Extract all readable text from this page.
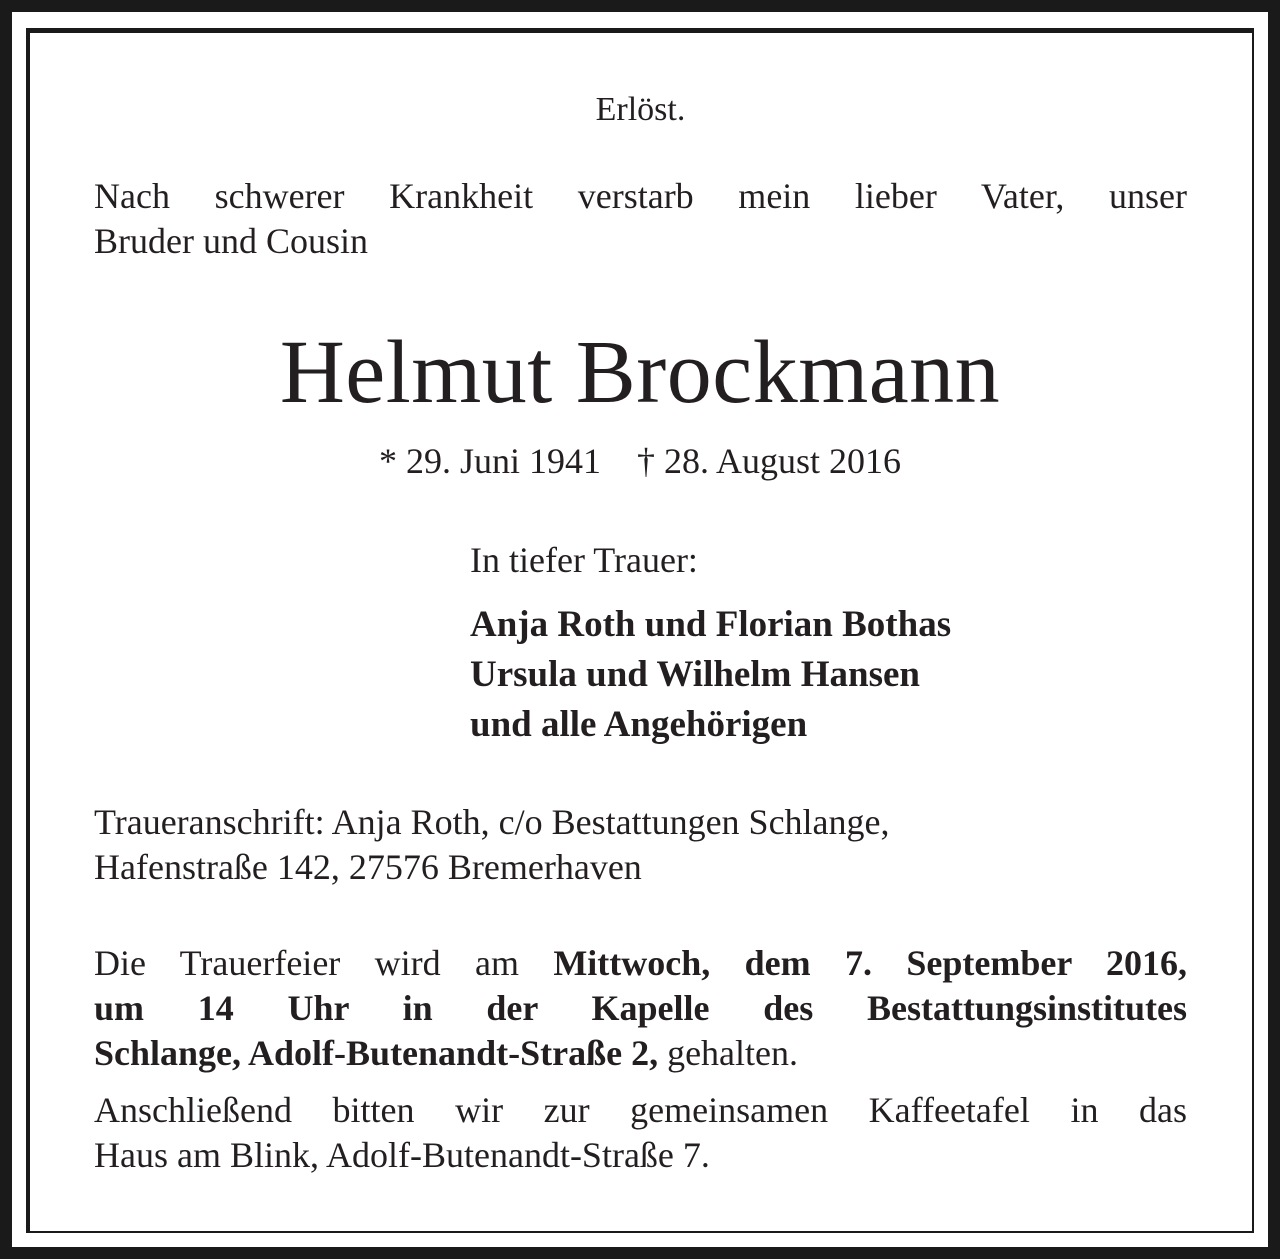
Erlöst.
Nach schwerer Krankheit verstarb mein lieber Vater, unser
Bruder und Cousin
Helmut Brockmann
* 29. Juni 1941 † 28. August 2016
In tiefer Trauer:
Anja Roth und Florian Bothas
Ursula und Wilhelm Hansen
und alle Angehörigen
Traueranschrift: Anja Roth, c/o Bestattungen Schlange,
Hafenstraße 142, 27576 Bremerhaven
Die Trauerfeier wird am Mittwoch, dem 7. September 2016,
um 14 Uhr in der Kapelle des Bestattungsinstitutes
Schlange, Adolf-Butenandt-Straße 2, gehalten.
Anschließend bitten wir zur gemeinsamen Kaffeetafel in das
Haus am Blink, Adolf-Butenandt-Straße 7.
